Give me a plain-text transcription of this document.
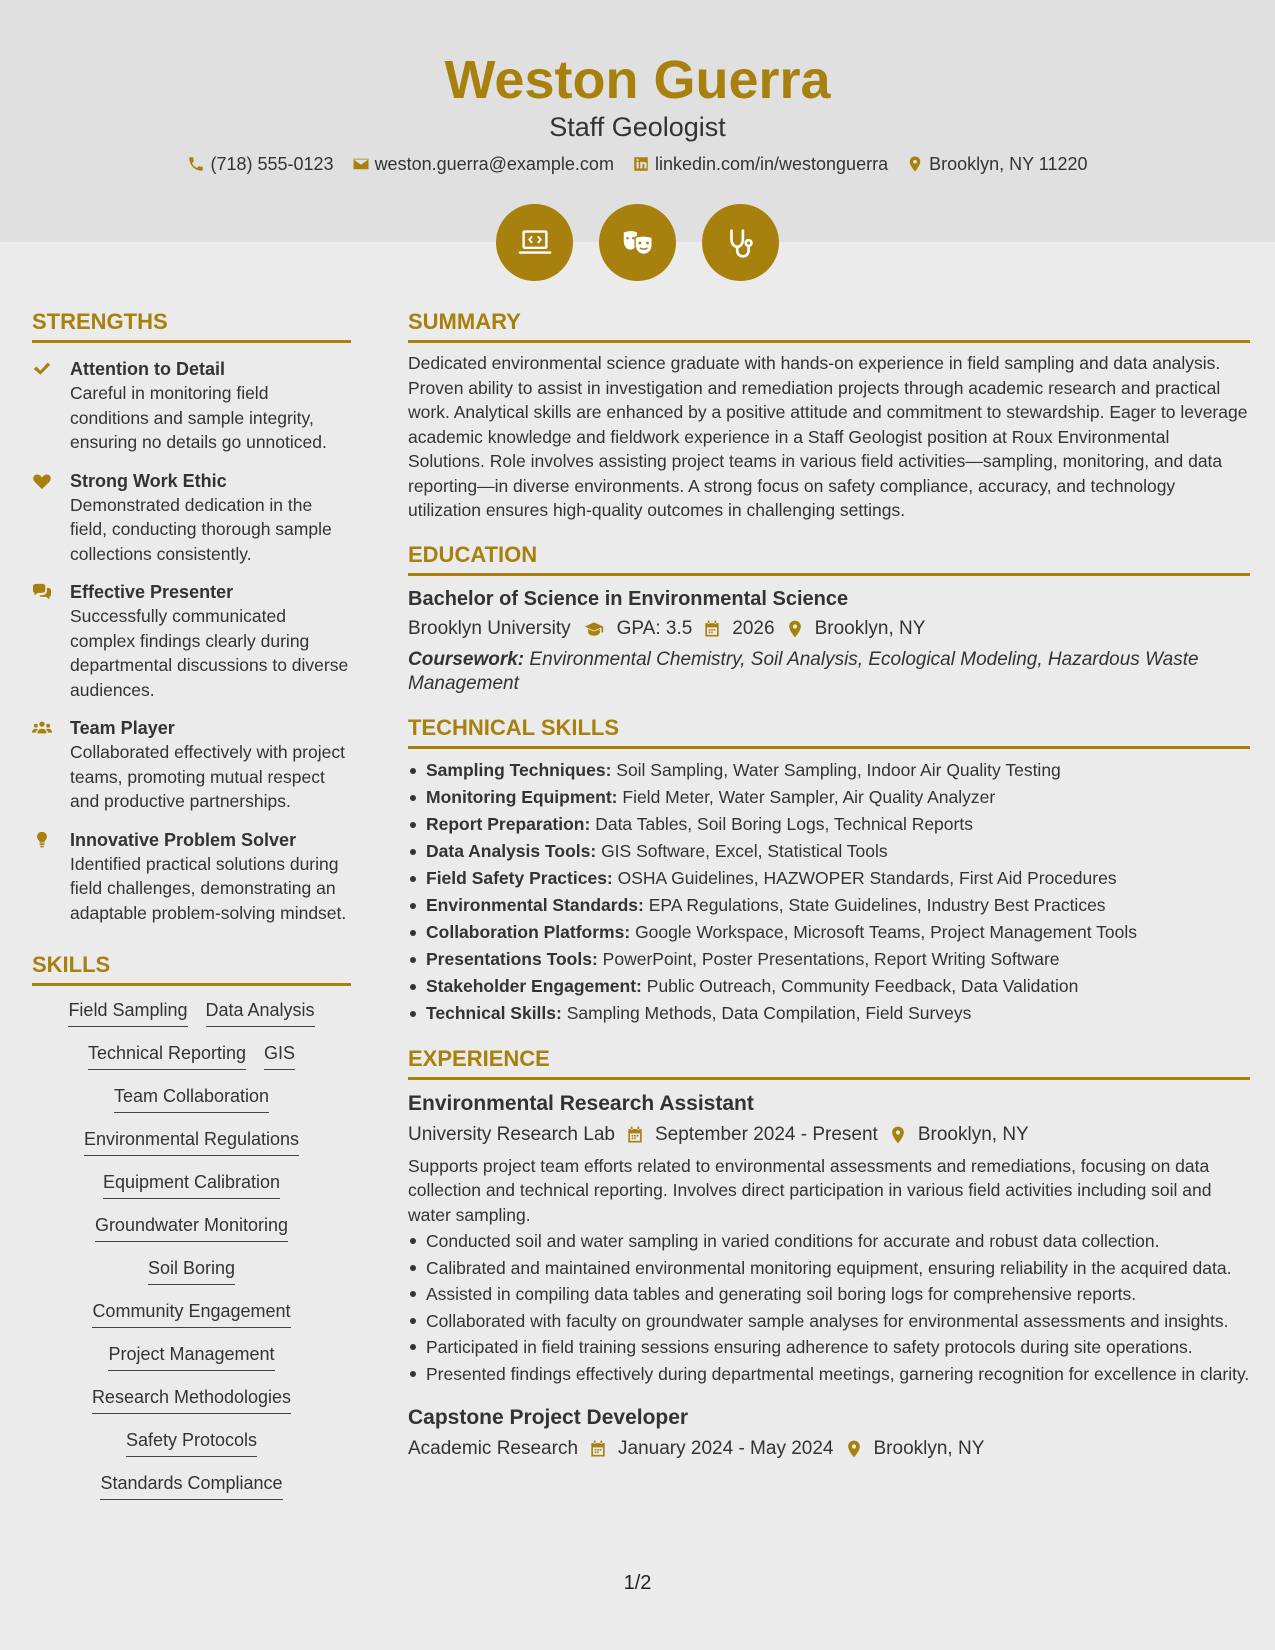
Weston Guerra
Staff Geologist
(718) 555-0123 weston.guerra@example.com linkedin.com/in/westonguerra Brooklyn, NY 11220
STRENGTHS
Attention to Detail
Careful in monitoring field conditions and sample integrity, ensuring no details go unnoticed.
Strong Work Ethic
Demonstrated dedication in the field, conducting thorough sample collections consistently.
Effective Presenter
Successfully communicated complex findings clearly during departmental discussions to diverse audiences.
Team Player
Collaborated effectively with project teams, promoting mutual respect and productive partnerships.
Innovative Problem Solver
Identified practical solutions during field challenges, demonstrating an adaptable problem-solving mindset.
SKILLS
Field Sampling Data Analysis
Technical Reporting GIS
Team Collaboration
Environmental Regulations
Equipment Calibration
Groundwater Monitoring
Soil Boring
Community Engagement
Project Management
Research Methodologies
Safety Protocols
Standards Compliance
SUMMARY
Dedicated environmental science graduate with hands-on experience in field sampling and data analysis. Proven ability to assist in investigation and remediation projects through academic research and practical work. Analytical skills are enhanced by a positive attitude and commitment to stewardship. Eager to leverage academic knowledge and fieldwork experience in a Staff Geologist position at Roux Environmental Solutions. Role involves assisting project teams in various field activities—sampling, monitoring, and data reporting—in diverse environments. A strong focus on safety compliance, accuracy, and technology utilization ensures high-quality outcomes in challenging settings.
EDUCATION
Bachelor of Science in Environmental Science
Brooklyn University GPA: 3.5 2026 Brooklyn, NY
Coursework: Environmental Chemistry, Soil Analysis, Ecological Modeling, Hazardous Waste Management
TECHNICAL SKILLS
Sampling Techniques: Soil Sampling, Water Sampling, Indoor Air Quality Testing
Monitoring Equipment: Field Meter, Water Sampler, Air Quality Analyzer
Report Preparation: Data Tables, Soil Boring Logs, Technical Reports
Data Analysis Tools: GIS Software, Excel, Statistical Tools
Field Safety Practices: OSHA Guidelines, HAZWOPER Standards, First Aid Procedures
Environmental Standards: EPA Regulations, State Guidelines, Industry Best Practices
Collaboration Platforms: Google Workspace, Microsoft Teams, Project Management Tools
Presentations Tools: PowerPoint, Poster Presentations, Report Writing Software
Stakeholder Engagement: Public Outreach, Community Feedback, Data Validation
Technical Skills: Sampling Methods, Data Compilation, Field Surveys
EXPERIENCE
Environmental Research Assistant
University Research Lab September 2024 - Present Brooklyn, NY
Supports project team efforts related to environmental assessments and remediations, focusing on data collection and technical reporting. Involves direct participation in various field activities including soil and water sampling.
Conducted soil and water sampling in varied conditions for accurate and robust data collection.
Calibrated and maintained environmental monitoring equipment, ensuring reliability in the acquired data.
Assisted in compiling data tables and generating soil boring logs for comprehensive reports.
Collaborated with faculty on groundwater sample analyses for environmental assessments and insights.
Participated in field training sessions ensuring adherence to safety protocols during site operations.
Presented findings effectively during departmental meetings, garnering recognition for excellence in clarity.
Capstone Project Developer
Academic Research January 2024 - May 2024 Brooklyn, NY
1/2
